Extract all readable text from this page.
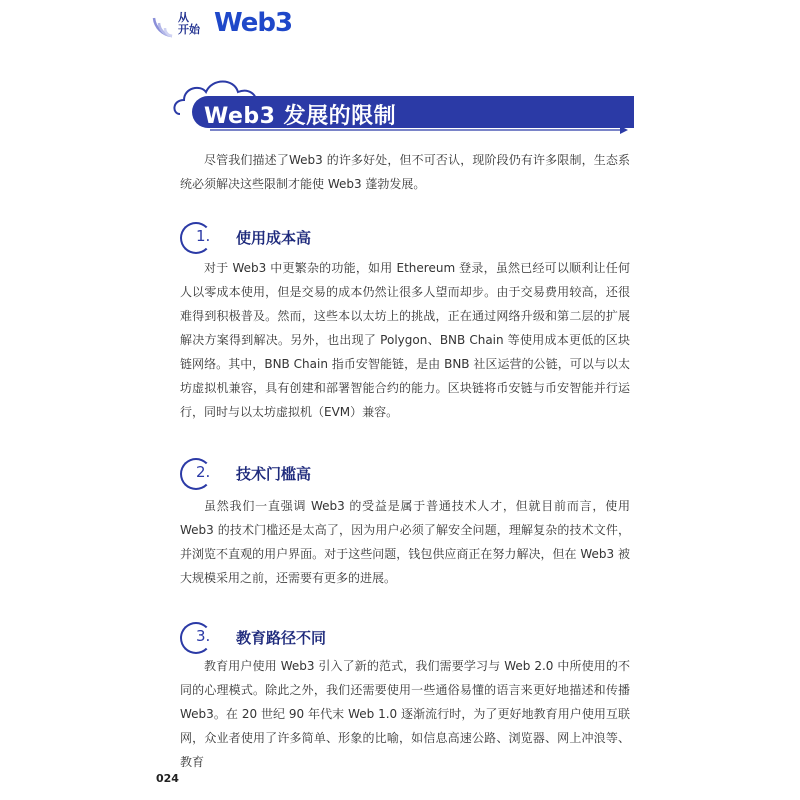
从
开始 Web3
Web3 发展的限制

尽管我们描述了Web3 的许多好处，但不可否认，现阶段仍有许多限制，生态系统必须解决这些限制才能使 Web3 蓬勃发展。

1. 使用成本高

对于 Web3 中更繁杂的功能，如用 Ethereum 登录，虽然已经可以顺利让任何人以零成本使用，但是交易的成本仍然让很多人望而却步。由于交易费用较高，还很难得到积极普及。然而，这些本以太坊上的挑战，正在通过网络升级和第二层的扩展解决方案得到解决。另外，也出现了 Polygon、BNB Chain 等使用成本更低的区块链网络。其中，BNB Chain 指币安智能链，是由 BNB 社区运营的公链，可以与以太坊虚拟机兼容，具有创建和部署智能合约的能力。区块链将币安链与币安智能并行运行，同时与以太坊虚拟机（EVM）兼容。

2. 技术门槛高

虽然我们一直强调 Web3 的受益是属于普通技术人才，但就目前而言，使用 Web3 的技术门槛还是太高了，因为用户必须了解安全问题，理解复杂的技术文件，并浏览不直观的用户界面。对于这些问题，钱包供应商正在努力解决，但在 Web3 被大规模采用之前，还需要有更多的进展。

3. 教育路径不同

教育用户使用 Web3 引入了新的范式，我们需要学习与 Web 2.0 中所使用的不同的心理模式。除此之外，我们还需要使用一些通俗易懂的语言来更好地描述和传播 Web3。在 20 世纪 90 年代末 Web 1.0 逐渐流行时，为了更好地教育用户使用互联网，众业者使用了许多简单、形象的比喻，如信息高速公路、浏览器、网上冲浪等、教育

024
